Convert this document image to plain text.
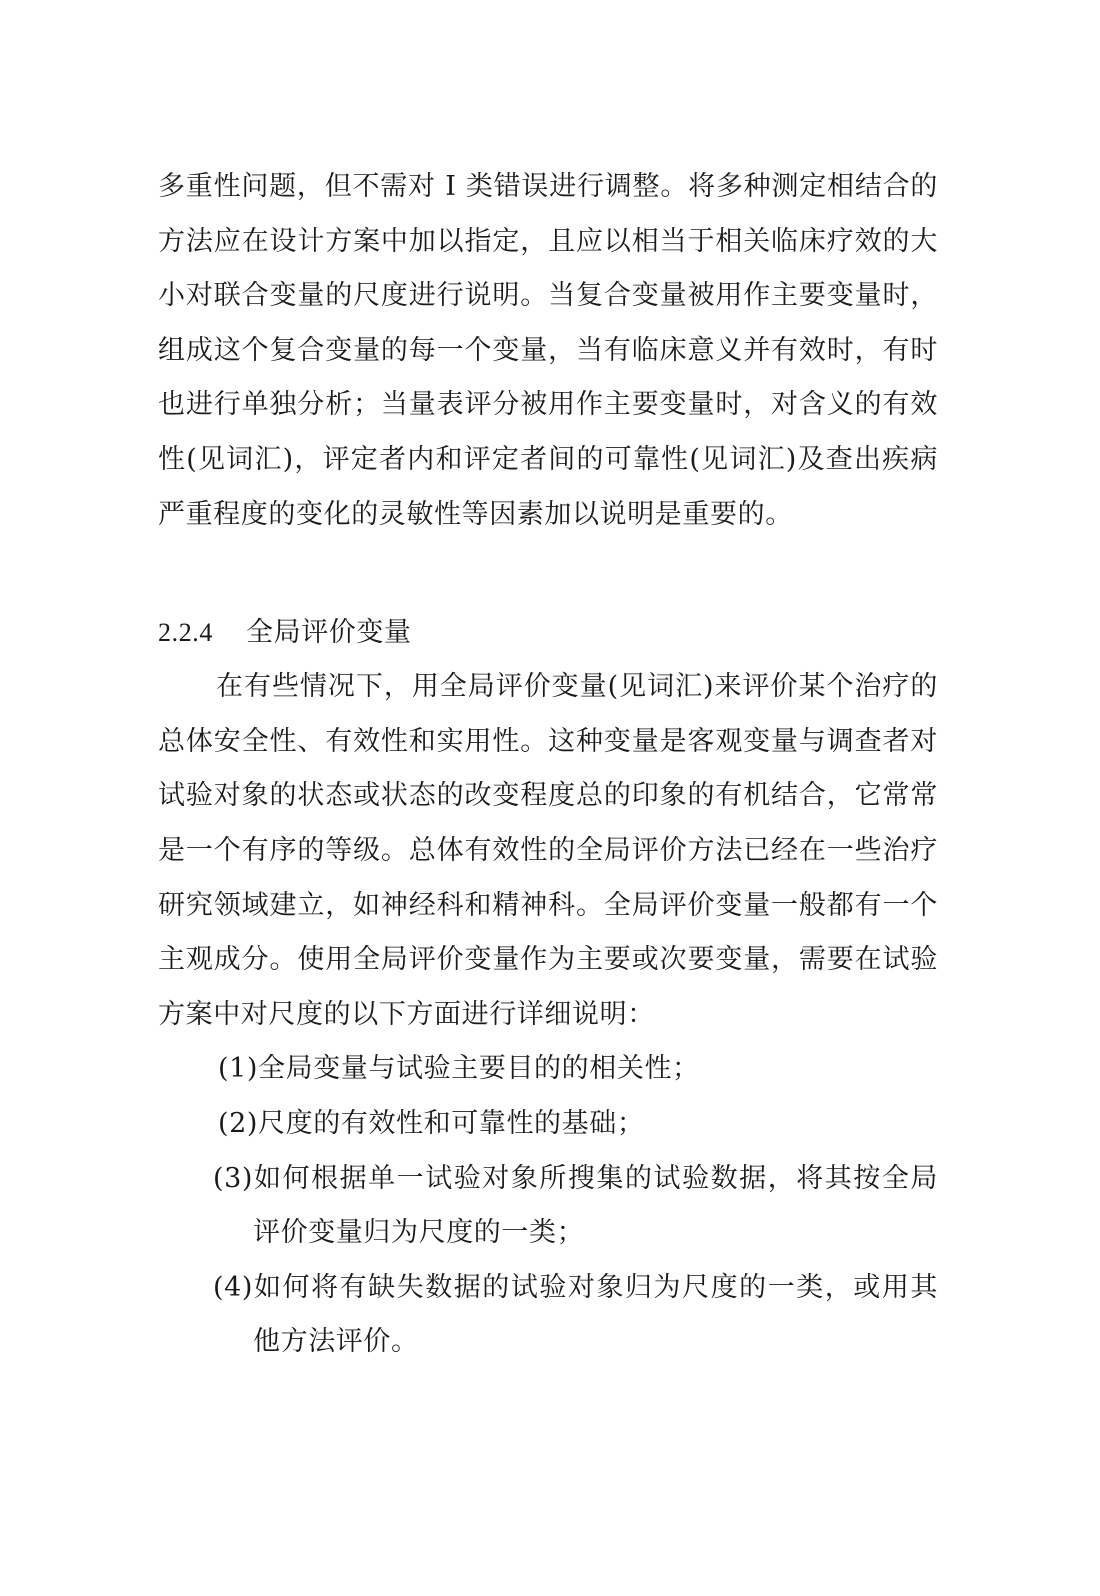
多重性问题，但不需对 I 类错误进行调整。将多种测定相结合的方法应在设计方案中加以指定，且应以相当于相关临床疗效的大小对联合变量的尺度进行说明。当复合变量被用作主要变量时，组成这个复合变量的每一个变量，当有临床意义并有效时，有时也进行单独分析；当量表评分被用作主要变量时，对含义的有效性(见词汇)，评定者内和评定者间的可靠性(见词汇)及查出疾病严重程度的变化的灵敏性等因素加以说明是重要的。

2.2.4	全局评价变量

在有些情况下，用全局评价变量(见词汇)来评价某个治疗的总体安全性、有效性和实用性。这种变量是客观变量与调查者对试验对象的状态或状态的改变程度总的印象的有机结合，它常常是一个有序的等级。总体有效性的全局评价方法已经在一些治疗研究领域建立，如神经科和精神科。全局评价变量一般都有一个主观成分。使用全局评价变量作为主要或次要变量，需要在试验方案中对尺度的以下方面进行详细说明：

(1)全局变量与试验主要目的的相关性；
(2)尺度的有效性和可靠性的基础；
(3)如何根据单一试验对象所搜集的试验数据，将其按全局评价变量归为尺度的一类；
(4)如何将有缺失数据的试验对象归为尺度的一类，或用其他方法评价。
